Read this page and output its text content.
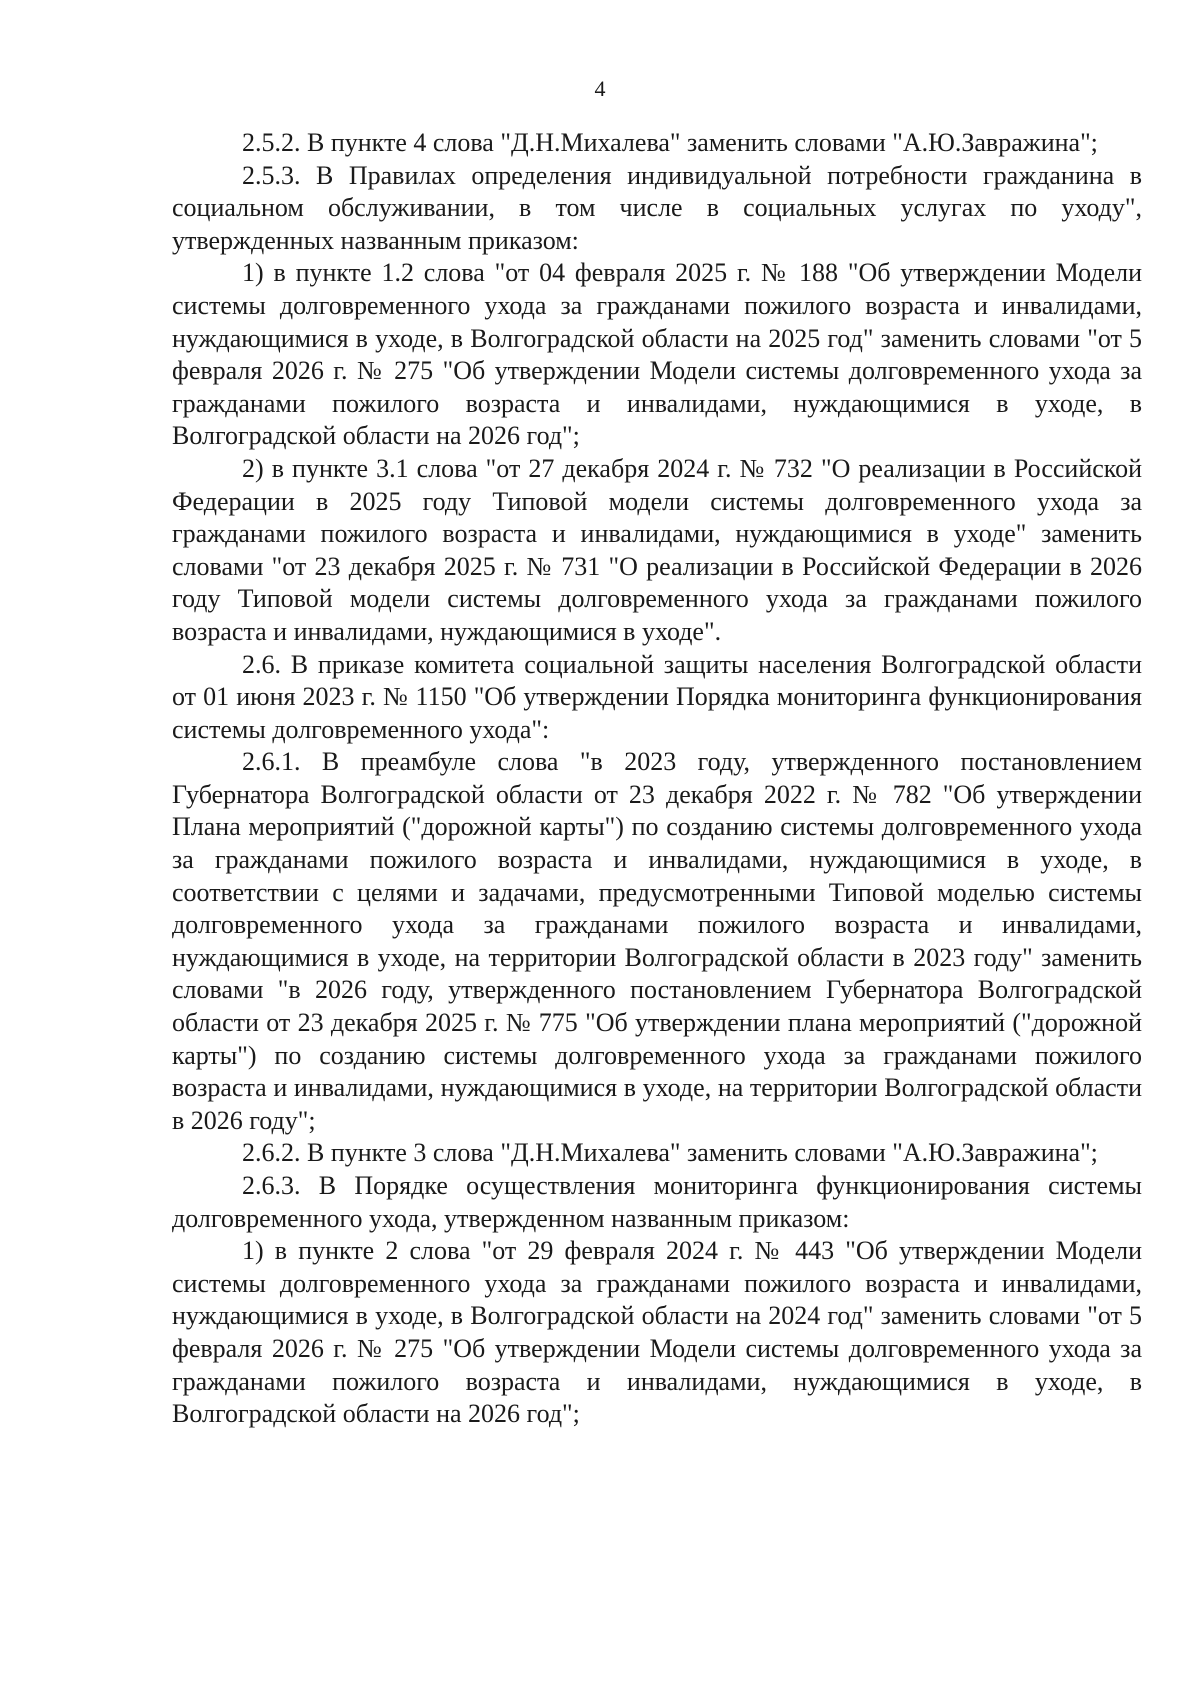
4

2.5.2. В пункте 4 слова "Д.Н.Михалева" заменить словами "А.Ю.Завражина";

2.5.3. В Правилах определения индивидуальной потребности гражданина в социальном обслуживании, в том числе в социальных услугах по уходу", утвержденных названным приказом:

1) в пункте 1.2 слова "от 04 февраля 2025 г. № 188 "Об утверждении Модели системы долговременного ухода за гражданами пожилого возраста и инвалидами, нуждающимися в уходе, в Волгоградской области на 2025 год" заменить словами "от 5 февраля 2026 г. № 275 "Об утверждении Модели системы долговременного ухода за гражданами пожилого возраста и инвалидами, нуждающимися в уходе, в Волгоградской области на 2026 год";

2) в пункте 3.1 слова "от 27 декабря 2024 г. № 732 "О реализации в Российской Федерации в 2025 году Типовой модели системы долговременного ухода за гражданами пожилого возраста и инвалидами, нуждающимися в уходе" заменить словами "от 23 декабря 2025 г. № 731 "О реализации в Российской Федерации в 2026 году Типовой модели системы долговременного ухода за гражданами пожилого возраста и инвалидами, нуждающимися в уходе".

2.6. В приказе комитета социальной защиты населения Волгоградской области от 01 июня 2023 г. № 1150 "Об утверждении Порядка мониторинга функционирования системы долговременного ухода":

2.6.1. В преамбуле слова "в 2023 году, утвержденного постановлением Губернатора Волгоградской области от 23 декабря 2022 г. № 782 "Об утверждении Плана мероприятий ("дорожной карты") по созданию системы долговременного ухода за гражданами пожилого возраста и инвалидами, нуждающимися в уходе, в соответствии с целями и задачами, предусмотренными Типовой моделью системы долговременного ухода за гражданами пожилого возраста и инвалидами, нуждающимися в уходе, на территории Волгоградской области в 2023 году" заменить словами "в 2026 году, утвержденного постановлением Губернатора Волгоградской области от 23 декабря 2025 г. № 775 "Об утверждении плана мероприятий ("дорожной карты") по созданию системы долговременного ухода за гражданами пожилого возраста и инвалидами, нуждающимися в уходе, на территории Волгоградской области в 2026 году";

2.6.2. В пункте 3 слова "Д.Н.Михалева" заменить словами "А.Ю.Завражина";

2.6.3. В Порядке осуществления мониторинга функционирования системы долговременного ухода, утвержденном названным приказом:

1) в пункте 2 слова "от 29 февраля 2024 г. № 443 "Об утверждении Модели системы долговременного ухода за гражданами пожилого возраста и инвалидами, нуждающимися в уходе, в Волгоградской области на 2024 год" заменить словами "от 5 февраля 2026 г. № 275 "Об утверждении Модели системы долговременного ухода за гражданами пожилого возраста и инвалидами, нуждающимися в уходе, в Волгоградской области на 2026 год";
